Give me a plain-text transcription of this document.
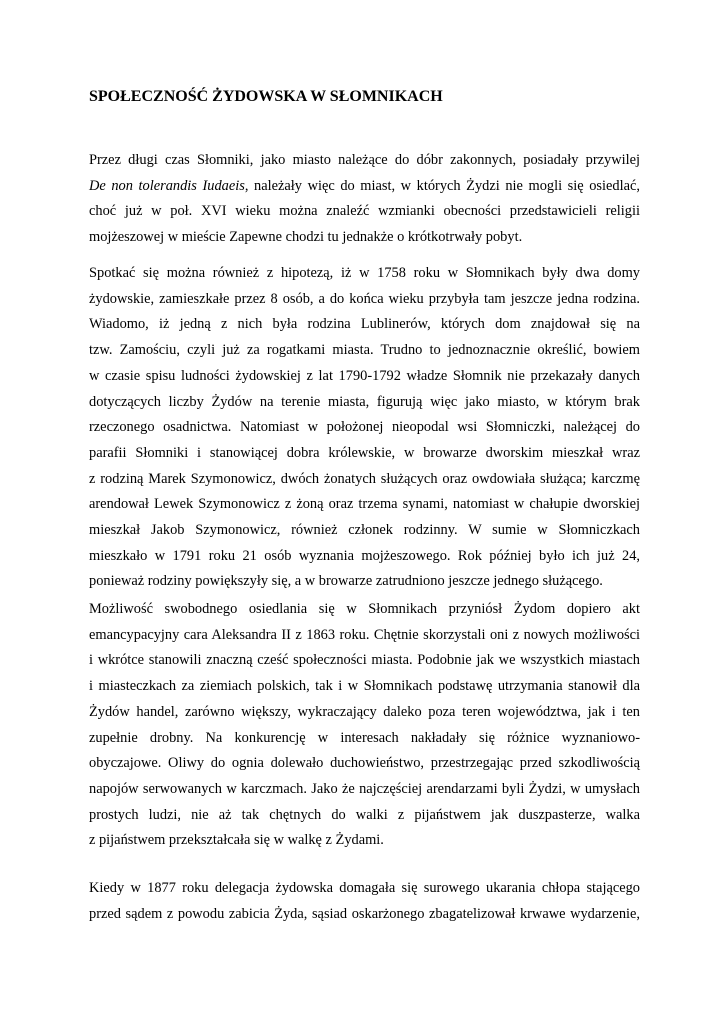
SPOŁECZNOŚĆ ŻYDOWSKA W SŁOMNIKACH
Przez długi czas Słomniki, jako miasto należące do dóbr zakonnych, posiadały przywilej
De non tolerandis Iudaeis, należały więc do miast, w których Żydzi nie mogli się osiedlać,
choć już w poł. XVI wieku można znaleźć wzmianki obecności przedstawicieli religii
mojżeszowej w mieście Zapewne chodzi tu jednakże o krótkotrwały pobyt.
Spotkać się można również z hipotezą, iż w 1758 roku w Słomnikach były dwa domy
żydowskie, zamieszkałe przez 8 osób, a do końca wieku przybyła tam jeszcze jedna rodzina.
Wiadomo, iż jedną z nich była rodzina Lublinerów, których dom znajdował się na
tzw. Zamościu, czyli już za rogatkami miasta. Trudno to jednoznacznie określić, bowiem
w czasie spisu ludności żydowskiej z lat 1790-1792 władze Słomnik nie przekazały danych
dotyczących liczby Żydów na terenie miasta, figurują więc jako miasto, w którym brak
rzeczonego osadnictwa. Natomiast w położonej nieopodal wsi Słomniczki, należącej do
parafii Słomniki i stanowiącej dobra królewskie, w browarze dworskim mieszkał wraz
z rodziną Marek Szymonowicz, dwóch żonatych służących oraz owdowiała służąca; karczmę
arendował Lewek Szymonowicz z żoną oraz trzema synami, natomiast w chałupie dworskiej
mieszkał Jakob Szymonowicz, również członek rodzinny. W sumie w Słomniczkach
mieszkało w 1791 roku 21 osób wyznania mojżeszowego. Rok później było ich już 24,
ponieważ rodziny powiększyły się, a w browarze zatrudniono jeszcze jednego służącego.
Możliwość swobodnego osiedlania się w Słomnikach przyniósł Żydom dopiero akt
emancypacyjny cara Aleksandra II z 1863 roku. Chętnie skorzystali oni z nowych możliwości
i wkrótce stanowili znaczną cześć społeczności miasta. Podobnie jak we wszystkich miastach
i miasteczkach za ziemiach polskich, tak i w Słomnikach podstawę utrzymania stanowił dla
Żydów handel, zarówno większy, wykraczający daleko poza teren województwa, jak i ten
zupełnie drobny. Na konkurencję w interesach nakładały się różnice wyznaniowo-
obyczajowe. Oliwy do ognia dolewało duchowieństwo, przestrzegając przed szkodliwością
napojów serwowanych w karczmach. Jako że najczęściej arendarzami byli Żydzi, w umysłach
prostych ludzi, nie aż tak chętnych do walki z pijaństwem jak duszpasterze, walka
z pijaństwem przekształcała się w walkę z Żydami.
Kiedy w 1877 roku delegacja żydowska domagała się surowego ukarania chłopa stającego
przed sądem z powodu zabicia Żyda, sąsiad oskarżonego zbagatelizował krwawe wydarzenie,
